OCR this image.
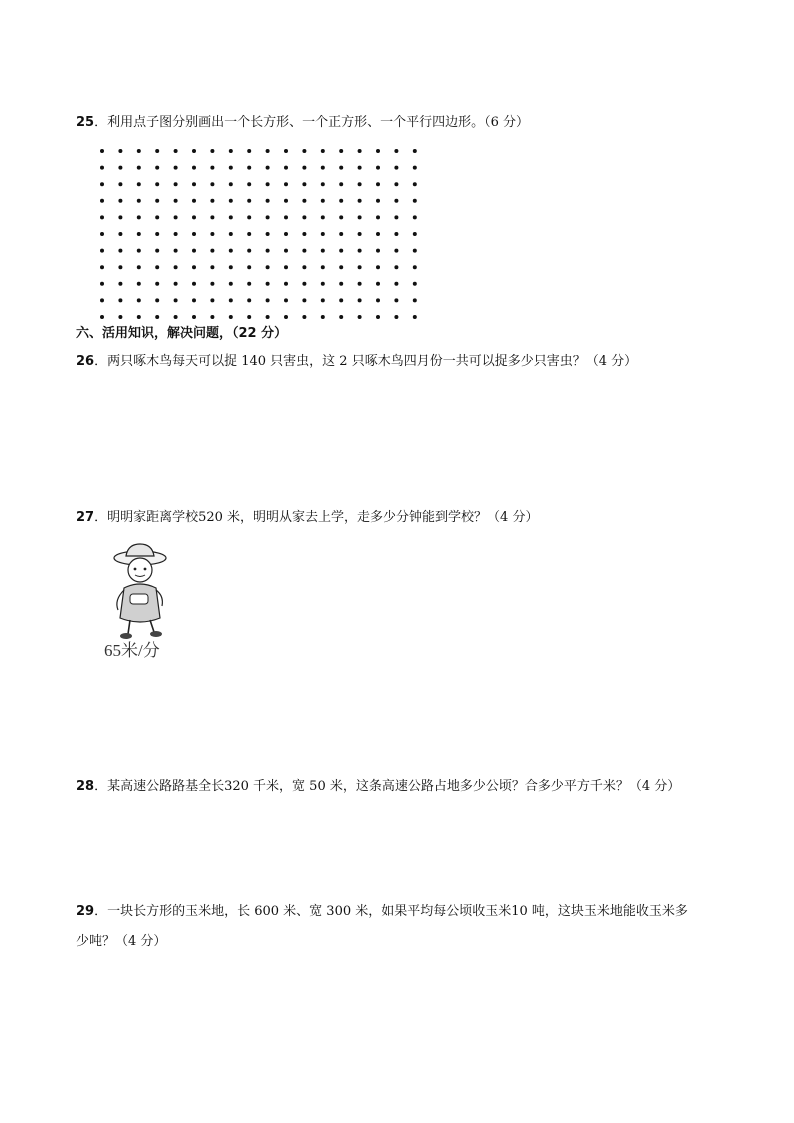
25．利用点子图分别画出一个长方形、一个正方形、一个平行四边形。（6 分）
六、活用知识，解决问题，（22 分）
26．两只啄木鸟每天可以捉 140 只害虫，这 2 只啄木鸟四月份一共可以捉多少只害虫？（4 分）
27．明明家距离学校520 米，明明从家去上学，走多少分钟能到学校？（4 分）
65米/分
28．某高速公路路基全长320 千米，宽 50 米，这条高速公路占地多少公顷？合多少平方千米？（4 分）
29．一块长方形的玉米地，长 600 米、宽 300 米，如果平均每公顷收玉米10 吨，这块玉米地能收玉米多
少吨？（4 分）
